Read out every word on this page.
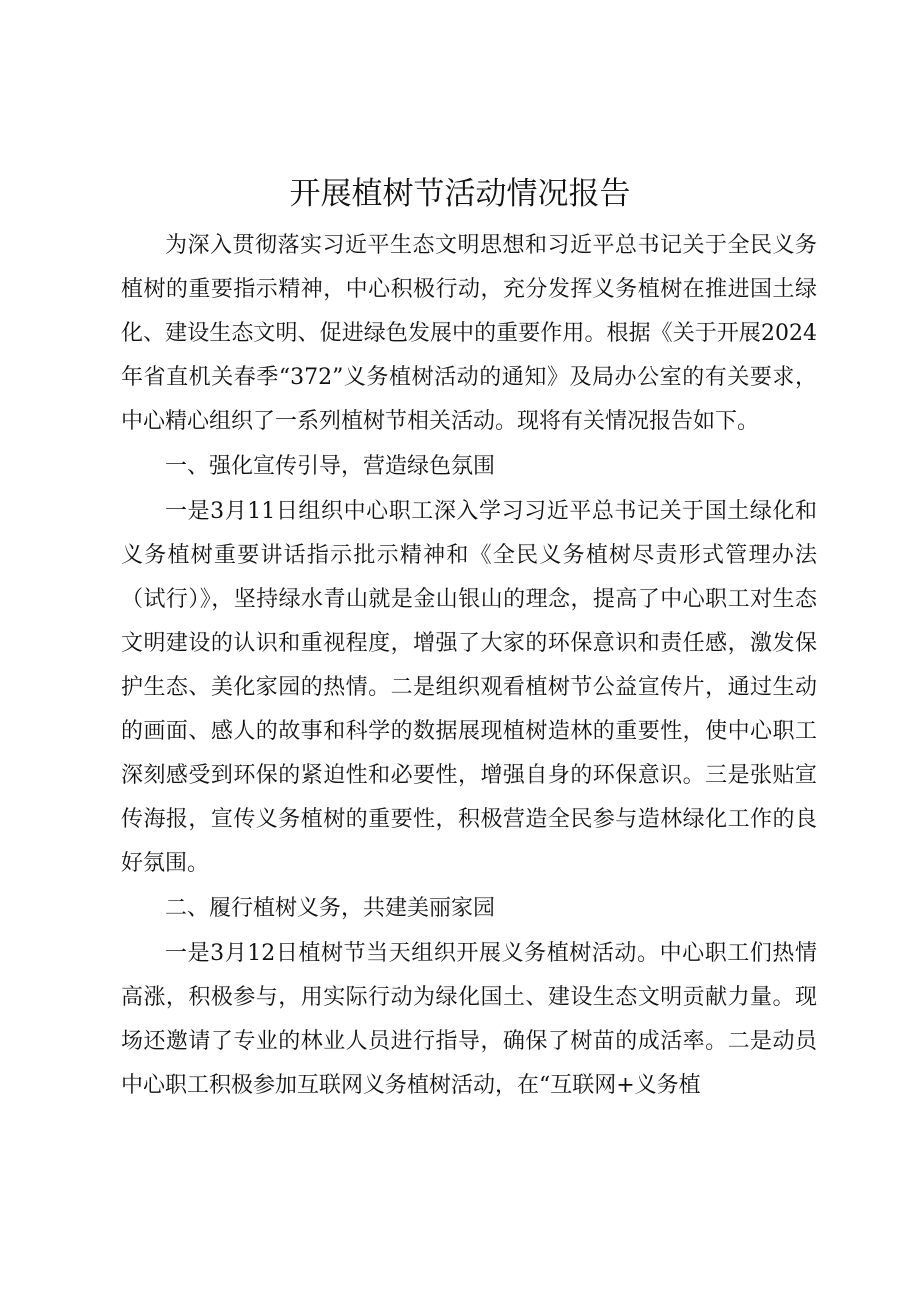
开展植树节活动情况报告

为深入贯彻落实习近平生态文明思想和习近平总书记关于全民义务植树的重要指示精神，中心积极行动，充分发挥义务植树在推进国土绿化、建设生态文明、促进绿色发展中的重要作用。根据《关于开展2024年省直机关春季“372”义务植树活动的通知》及局办公室的有关要求，中心精心组织了一系列植树节相关活动。现将有关情况报告如下。

一、强化宣传引导，营造绿色氛围

一是3月11日组织中心职工深入学习习近平总书记关于国土绿化和义务植树重要讲话指示批示精神和《全民义务植树尽责形式管理办法（试行）》，坚持绿水青山就是金山银山的理念，提高了中心职工对生态文明建设的认识和重视程度，增强了大家的环保意识和责任感，激发保护生态、美化家园的热情。二是组织观看植树节公益宣传片，通过生动的画面、感人的故事和科学的数据展现植树造林的重要性，使中心职工深刻感受到环保的紧迫性和必要性，增强自身的环保意识。三是张贴宣传海报，宣传义务植树的重要性，积极营造全民参与造林绿化工作的良好氛围。

二、履行植树义务，共建美丽家园

一是3月12日植树节当天组织开展义务植树活动。中心职工们热情高涨，积极参与，用实际行动为绿化国土、建设生态文明贡献力量。现场还邀请了专业的林业人员进行指导，确保了树苗的成活率。二是动员中心职工积极参加互联网义务植树活动，在“互联网+义务植
